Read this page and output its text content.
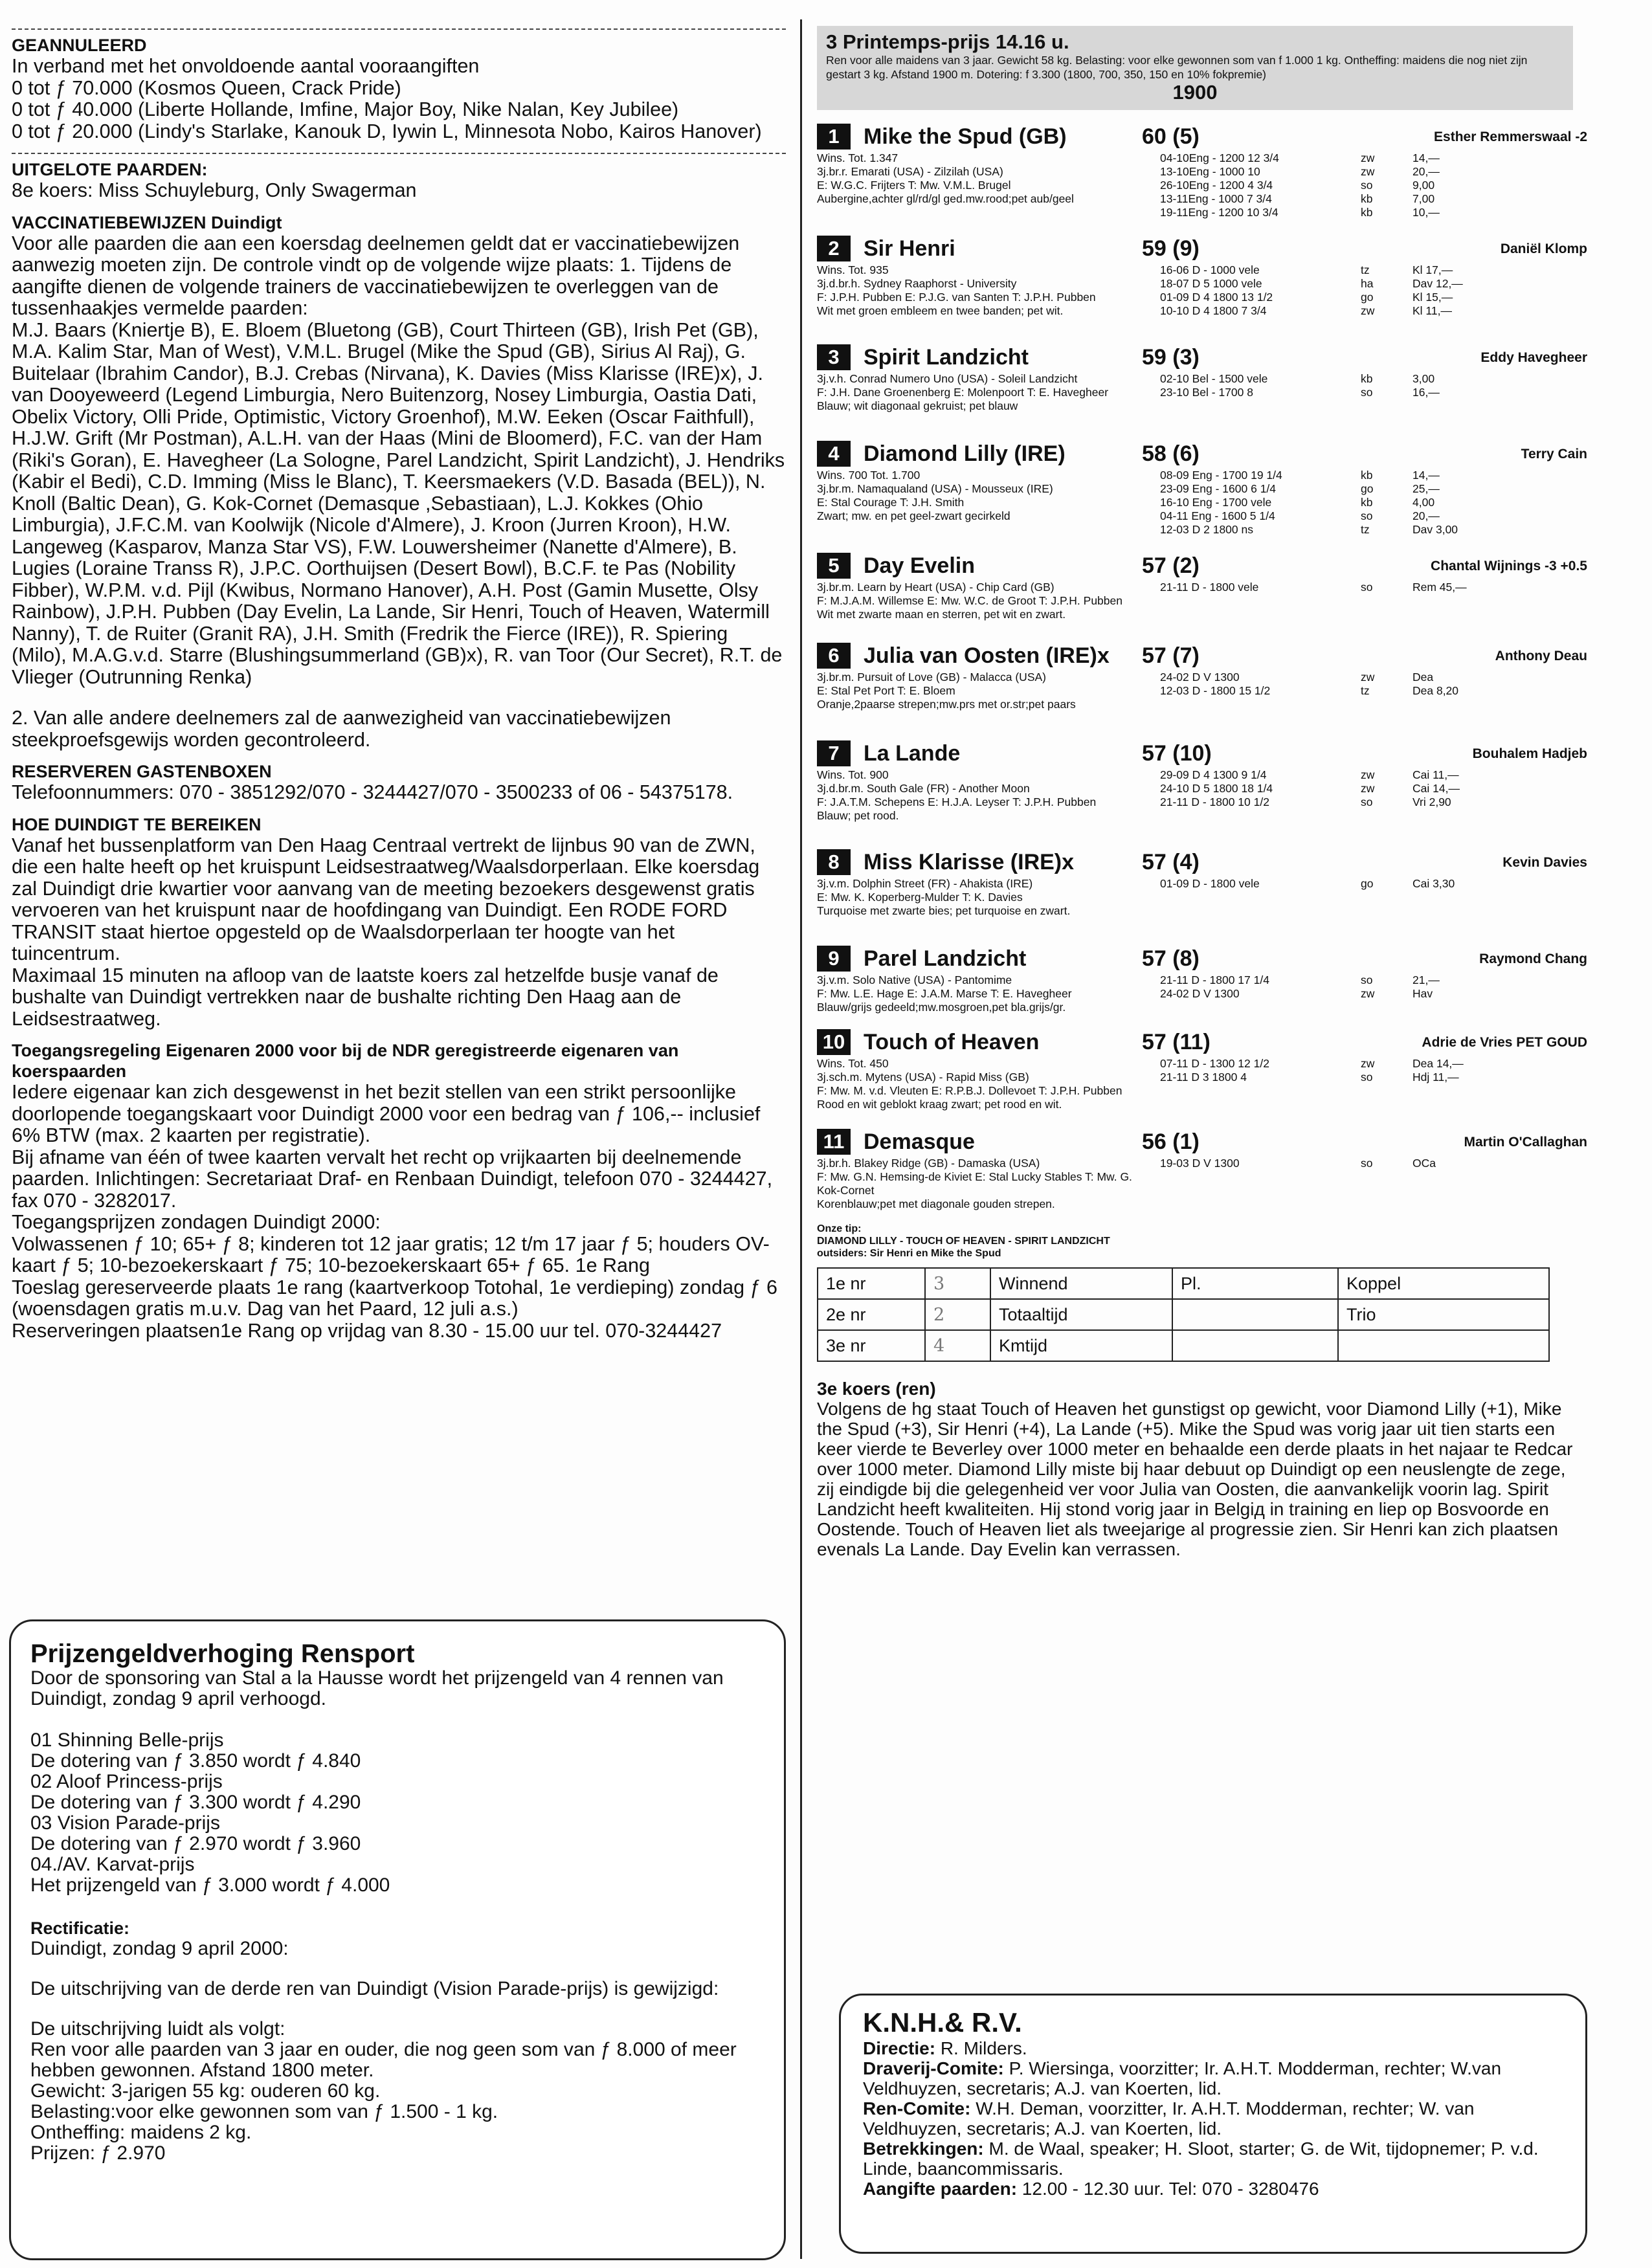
GEANNULEERD

In verband met het onvoldoende aantal vooraangiften

0 tot ƒ 70.000 (Kosmos Queen, Crack Pride)

0 tot ƒ 40.000 (Liberte Hollande, Imfine, Major Boy, Nike Nalan, Key Jubilee)

0 tot ƒ 20.000 (Lindy's Starlake, Kanouk D, Iywin L, Minnesota Nobo, Kairos Hanover)

UITGELOTE PAARDEN:

8e koers: Miss Schuyleburg, Only Swagerman

VACCINATIEBEWIJZEN Duindigt

Voor alle paarden die aan een koersdag deelnemen geldt dat er vaccinatiebewijzen aanwezig moeten zijn. De controle vindt op de volgende wijze plaats: 1. Tijdens de aangifte dienen de volgende trainers de vaccinatiebewijzen te overleggen van de tussenhaakjes vermelde paarden:

M.J. Baars (Kniertje B), E. Bloem (Bluetong (GB), Court Thirteen (GB), Irish Pet (GB), M.A. Kalim Star, Man of West), V.M.L. Brugel (Mike the Spud (GB), Sirius Al Raj), G. Buitelaar (Ibrahim Candor), B.J. Crebas (Nirvana), K. Davies (Miss Klarisse (IRE)x), J. van Dooyeweerd (Legend Limburgia, Nero Buitenzorg, Nosey Limburgia, Oastia Dati, Obelix Victory, Olli Pride, Optimistic, Victory Groenhof), M.W. Eeken (Oscar Faithfull), H.J.W. Grift (Mr Postman), A.L.H. van der Haas (Mini de Bloomerd), F.C. van der Ham (Riki's Goran), E. Havegheer (La Sologne, Parel Landzicht, Spirit Landzicht), J. Hendriks (Kabir el Bedi), C.D. Imming (Miss le Blanc), T. Keersmaekers (V.D. Basada (BEL)), N. Knoll (Baltic Dean), G. Kok-Cornet (Demasque ,Sebastiaan), L.J. Kokkes (Ohio Limburgia), J.F.C.M. van Koolwijk (Nicole d'Almere), J. Kroon (Jurren Kroon), H.W. Langeweg (Kasparov, Manza Star VS), F.W. Louwersheimer (Nanette d'Almere), B. Lugies (Loraine Transs R), J.P.C. Oorthuijsen (Desert Bowl), B.C.F. te Pas (Nobility Fibber), W.P.M. v.d. Pijl (Kwibus, Normano Hanover), A.H. Post (Gamin Musette, Olsy Rainbow), J.P.H. Pubben (Day Evelin, La Lande, Sir Henri, Touch of Heaven, Watermill Nanny), T. de Ruiter (Granit RA), J.H. Smith (Fredrik the Fierce (IRE)), R. Spiering (Milo), M.A.G.v.d. Starre (Blushingsummerland (GB)x), R. van Toor (Our Secret), R.T. de Vlieger (Outrunning Renka)

2. Van alle andere deelnemers zal de aanwezigheid van vaccinatiebewijzen steekproefsgewijs worden gecontroleerd.

RESERVEREN GASTENBOXEN

Telefoonnummers: 070 - 3851292/070 - 3244427/070 - 3500233 of 06 - 54375178.

HOE DUINDIGT TE BEREIKEN

Vanaf het bussenplatform van Den Haag Centraal vertrekt de lijnbus 90 van de ZWN, die een halte heeft op het kruispunt Leidsestraatweg/Waalsdorperlaan. Elke koersdag zal Duindigt drie kwartier voor aanvang van de meeting bezoekers desgewenst gratis vervoeren van het kruispunt naar de hoofdingang van Duindigt. Een RODE FORD TRANSIT staat hiertoe opgesteld op de Waalsdorperlaan ter hoogte van het tuincentrum.

Maximaal 15 minuten na afloop van de laatste koers zal hetzelfde busje vanaf de bushalte van Duindigt vertrekken naar de bushalte richting Den Haag aan de Leidsestraatweg.

Toegangsregeling Eigenaren 2000 voor bij de NDR geregistreerde eigenaren van koerspaarden

Iedere eigenaar kan zich desgewenst in het bezit stellen van een strikt persoonlijke doorlopende toegangskaart voor Duindigt 2000 voor een bedrag van ƒ 106,-- inclusief 6% BTW (max. 2 kaarten per registratie).

Bij afname van één of twee kaarten vervalt het recht op vrijkaarten bij deelnemende paarden. Inlichtingen: Secretariaat Draf- en Renbaan Duindigt, telefoon 070 - 3244427, fax 070 - 3282017.

Toegangsprijzen zondagen Duindigt 2000:

Volwassenen ƒ 10; 65+ ƒ 8; kinderen tot 12 jaar gratis; 12 t/m 17 jaar ƒ 5; houders OV-kaart ƒ 5; 10-bezoekerskaart ƒ 75; 10-bezoekerskaart 65+ ƒ 65. 1e Rang

Toeslag gereserveerde plaats 1e rang (kaartverkoop Totohal, 1e verdieping) zondag ƒ 6 (woensdagen gratis m.u.v. Dag van het Paard, 12 juli a.s.)

Reserveringen plaatsen1e Rang op vrijdag van 8.30 - 15.00 uur tel. 070-3244427

Prijzengeldverhoging Rensport

Door de sponsoring van Stal a la Hausse wordt het prijzengeld van 4 rennen van Duindigt, zondag 9 april verhoogd.

01 Shinning Belle-prijs

De dotering van ƒ 3.850 wordt ƒ 4.840

02 Aloof Princess-prijs

De dotering van ƒ 3.300 wordt ƒ 4.290

03 Vision Parade-prijs

De dotering van ƒ 2.970 wordt ƒ 3.960

04./AV. Karvat-prijs

Het prijzengeld van ƒ 3.000 wordt ƒ 4.000

Rectificatie:

Duindigt, zondag 9 april 2000:

De uitschrijving van de derde ren van Duindigt (Vision Parade-prijs) is gewijzigd:

De uitschrijving luidt als volgt:

Ren voor alle paarden van 3 jaar en ouder, die nog geen som van ƒ 8.000 of meer hebben gewonnen. Afstand 1800 meter.

Gewicht: 3-jarigen 55 kg: ouderen 60 kg.

Belasting:voor elke gewonnen som van ƒ 1.500 - 1 kg.

Ontheffing: maidens 2 kg.

Prijzen: ƒ 2.970

3 Printemps-prijs 14.16 u.
Ren voor alle maidens van 3 jaar. Gewicht 58 kg. Belasting: voor elke gewonnen som van f 1.000 1 kg. Ontheffing: maidens die nog niet zijn gestart 3 kg. Afstand 1900 m. Dotering: f 3.300 (1800, 700, 350, 150 en 10% fokpremie)
1900
1	Mike the Spud (GB)	60 (5)	Esther Remmerswaal -2
Wins. Tot. 1.347
3j.br.r. Emarati (USA) - Zilzilah (USA)
E: W.G.C. Frijters T: Mw. V.M.L. Brugel
Aubergine,achter gl/rd/gl ged.mw.rood;pet aub/geel
04-10Eng - 1200 12 3/4	zw	14,—
13-10Eng - 1000 10	zw	20,—
26-10Eng - 1200 4 3/4	so	9,00
13-11Eng - 1000 7 3/4	kb	7,00
19-11Eng - 1200 10 3/4	kb	10,—
2	Sir Henri	59 (9)	Daniël Klomp
Wins. Tot. 935
3j.d.br.h. Sydney Raaphorst - University
F: J.P.H. Pubben E: P.J.G. van Santen T: J.P.H. Pubben
Wit met groen embleem en twee banden; pet wit.
16-06 D - 1000 vele	tz	Kl 17,—
18-07 D 5 1000 vele	ha	Dav 12,—
01-09 D 4 1800 13 1/2	go	Kl 15,—
10-10 D 4 1800 7 3/4	zw	Kl 11,—
3	Spirit Landzicht	59 (3)	Eddy Havegheer
3j.v.h. Conrad Numero Uno (USA) - Soleil Landzicht
F: J.H. Dane Groenenberg E: Molenpoort T: E. Havegheer
Blauw; wit diagonaal gekruist; pet blauw
02-10 Bel - 1500 vele	kb	3,00
23-10 Bel - 1700 8	so	16,—
4	Diamond Lilly (IRE)	58 (6)	Terry Cain
Wins. 700 Tot. 1.700
3j.br.m. Namaqualand (USA) - Mousseux (IRE)
E: Stal Courage T: J.H. Smith
Zwart; mw. en pet geel-zwart gecirkeld
08-09 Eng - 1700 19 1/4	kb	14,—
23-09 Eng - 1600 6 1/4	go	25,—
16-10 Eng - 1700 vele	kb	4,00
04-11 Eng - 1600 5 1/4	so	20,—
12-03 D 2 1800 ns	tz	Dav 3,00
5	Day Evelin	57 (2)	Chantal Wijnings -3 +0.5
3j.br.m. Learn by Heart (USA) - Chip Card (GB)
F: M.J.A.M. Willemse E: Mw. W.C. de Groot T: J.P.H. Pubben
Wit met zwarte maan en sterren, pet wit en zwart.
21-11 D - 1800 vele	so	Rem 45,—
6	Julia van Oosten (IRE)x	57 (7)	Anthony Deau
3j.br.m. Pursuit of Love (GB) - Malacca (USA)
E: Stal Pet Port T: E. Bloem
Oranje,2paarse strepen;mw.prs met or.str;pet paars
24-02 D V 1300	zw	Dea
12-03 D - 1800 15 1/2	tz	Dea 8,20
7	La Lande	57 (10)	Bouhalem Hadjeb
Wins. Tot. 900
3j.d.br.m. South Gale (FR) - Another Moon
F: J.A.T.M. Schepens E: H.J.A. Leyser T: J.P.H. Pubben
Blauw; pet rood.
29-09 D 4 1300 9 1/4	zw	Cai 11,—
24-10 D 5 1800 18 1/4	zw	Cai 14,—
21-11 D - 1800 10 1/2	so	Vri 2,90
8	Miss Klarisse (IRE)x	57 (4)	Kevin Davies
3j.v.m. Dolphin Street (FR) - Ahakista (IRE)
E: Mw. K. Koperberg-Mulder T: K. Davies
Turquoise met zwarte bies; pet turquoise en zwart.
01-09 D - 1800 vele	go	Cai 3,30
9	Parel Landzicht	57 (8)	Raymond Chang
3j.v.m. Solo Native (USA) - Pantomime
F: Mw. L.E. Hage E: J.A.M. Marse T: E. Havegheer
Blauw/grijs gedeeld;mw.mosgroen,pet bla.grijs/gr.
21-11 D - 1800 17 1/4	so	21,—
24-02 D V 1300	zw	Hav
10 Touch of Heaven	57 (11)	Adrie de Vries PET GOUD
Wins. Tot. 450
3j.sch.m. Mytens (USA) - Rapid Miss (GB)
F: Mw. M. v.d. Vleuten E: R.P.B.J. Dollevoet T: J.P.H. Pubben
Rood en wit geblokt kraag zwart; pet rood en wit.
07-11 D - 1300 12 1/2	zw	Dea 14,—
21-11 D 3 1800 4	so	Hdj 11,—
11 Demasque	56 (1)	Martin O'Callaghan
3j.br.h. Blakey Ridge (GB) - Damaska (USA)
F: Mw. G.N. Hemsing-de Kiviet E: Stal Lucky Stables T: Mw. G. Kok-Cornet
Korenblauw;pet met diagonale gouden strepen.
19-03 D V 1300	so	OCa
Onze tip:
DIAMOND LILLY - TOUCH OF HEAVEN - SPIRIT LANDZICHT
outsiders: Sir Henri en Mike the Spud
1e nr	3	Winnend	Pl.	Koppel
2e nr	2	Totaaltijd		Trio
3e nr	4	Kmtijd		
3e koers (ren)

Volgens de hg staat Touch of Heaven het gunstigst op gewicht, voor Diamond Lilly (+1), Mike the Spud (+3), Sir Henri (+4), La Lande (+5). Mike the Spud was vorig jaar uit tien starts een keer vierde te Beverley over 1000 meter en behaalde een derde plaats in het najaar te Redcar over 1000 meter. Diamond Lilly miste bij haar debuut op Duindigt op een neuslengte de zege, zij eindigde bij die gelegenheid ver voor Julia van Oosten, die aanvankelijk voorin lag. Spirit Landzicht heeft kwaliteiten. Hij stond vorig jaar in Belgiд in training en liep op Bosvoorde en Oostende. Touch of Heaven liet als tweejarige al progressie zien. Sir Henri kan zich plaatsen evenals La Lande. Day Evelin kan verrassen.

K.N.H.& R.V.

Directie: R. Milders.

Draverij-Comite: P. Wiersinga, voorzitter; Ir. A.H.T. Modderman, rechter; W.van Veldhuyzen, secretaris; A.J. van Koerten, lid.

Ren-Comite: W.H. Deman, voorzitter, Ir. A.H.T. Modderman, rechter; W. van Veldhuyzen, secretaris; A.J. van Koerten, lid.

Betrekkingen: M. de Waal, speaker; H. Sloot, starter; G. de Wit, tijdopnemer; P. v.d. Linde, baancommissaris.

Aangifte paarden: 12.00 - 12.30 uur. Tel: 070 - 3280476
